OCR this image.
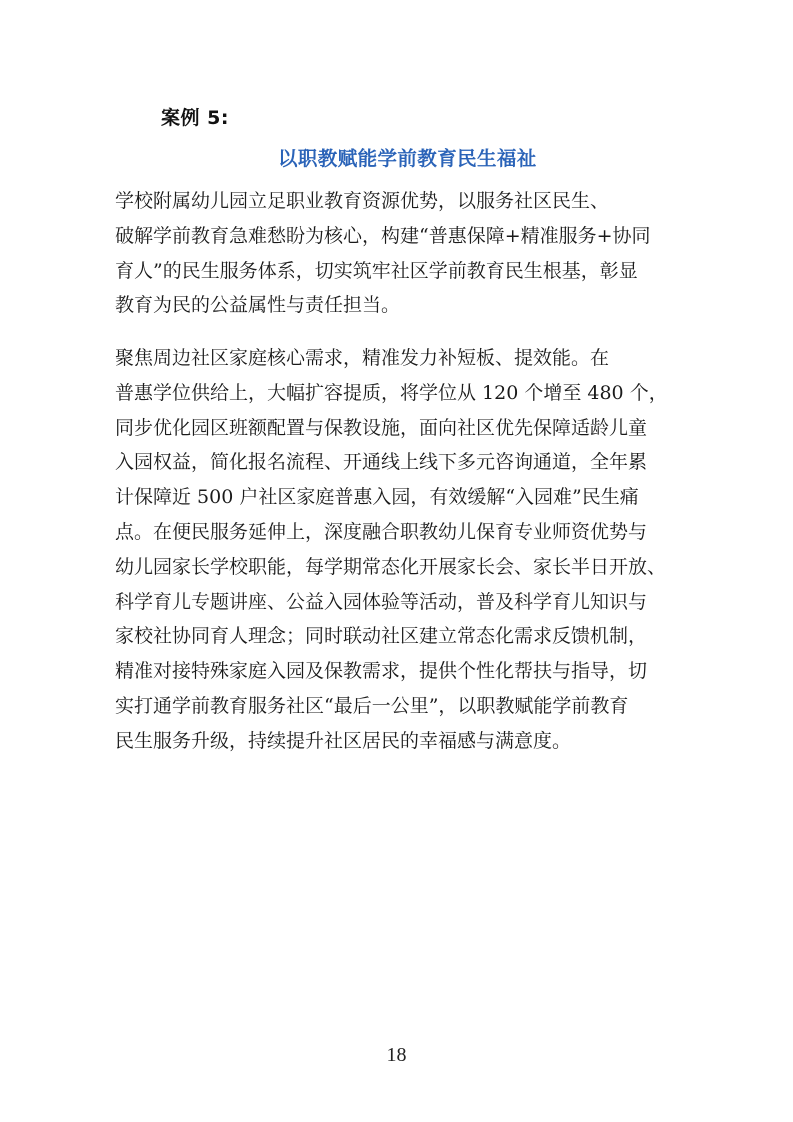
案例 5:
以职教赋能学前教育民生福祉
学校附属幼儿园立足职业教育资源优势，以服务社区民生、
破解学前教育急难愁盼为核心，构建“普惠保障+精准服务+协同
育人”的民生服务体系，切实筑牢社区学前教育民生根基，彰显
教育为民的公益属性与责任担当。
聚焦周边社区家庭核心需求，精准发力补短板、提效能。在
普惠学位供给上，大幅扩容提质，将学位从 120 个增至 480 个，
同步优化园区班额配置与保教设施，面向社区优先保障适龄儿童
入园权益，简化报名流程、开通线上线下多元咨询通道，全年累
计保障近 500 户社区家庭普惠入园，有效缓解“入园难”民生痛
点。在便民服务延伸上，深度融合职教幼儿保育专业师资优势与
幼儿园家长学校职能，每学期常态化开展家长会、家长半日开放、
科学育儿专题讲座、公益入园体验等活动，普及科学育儿知识与
家校社协同育人理念；同时联动社区建立常态化需求反馈机制，
精准对接特殊家庭入园及保教需求，提供个性化帮扶与指导，切
实打通学前教育服务社区“最后一公里”，以职教赋能学前教育
民生服务升级，持续提升社区居民的幸福感与满意度。
18
